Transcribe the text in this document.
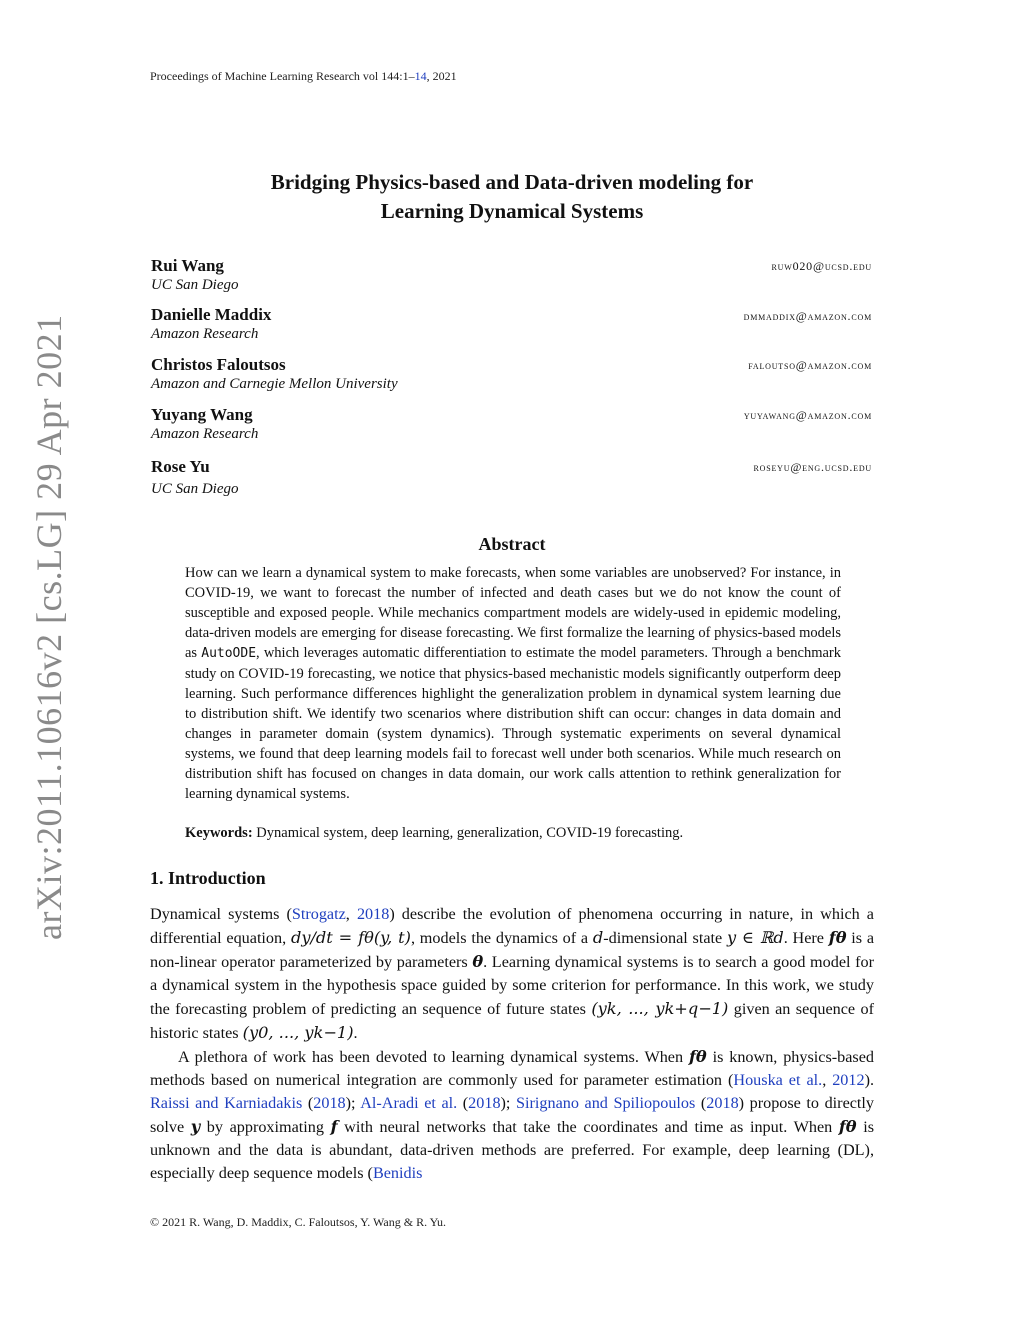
Proceedings of Machine Learning Research vol 144:1–14, 2021
arXiv:2011.10616v2 [cs.LG] 29 Apr 2021
Bridging Physics-based and Data-driven modeling for
Learning Dynamical Systems
Rui Wang	ruw020@ucsd.edu
UC San Diego
Danielle Maddix	dmmaddix@amazon.com
Amazon Research
Christos Faloutsos	faloutso@amazon.com
Amazon and Carnegie Mellon University
Yuyang Wang	yuyawang@amazon.com
Amazon Research
Rose Yu	roseyu@eng.ucsd.edu
UC San Diego
Abstract
How can we learn a dynamical system to make forecasts, when some variables are unobserved? For instance, in COVID-19, we want to forecast the number of infected and death cases but we do not know the count of susceptible and exposed people. While mechanics compartment models are widely-used in epidemic modeling, data-driven models are emerging for disease forecasting. We first formalize the learning of physics-based models as AutoODE, which leverages automatic differentiation to estimate the model parameters. Through a benchmark study on COVID-19 forecasting, we notice that physics-based mechanistic models significantly outperform deep learning. Such performance differences highlight the generalization problem in dynamical system learning due to distribution shift. We identify two scenarios where distribution shift can occur: changes in data domain and changes in parameter domain (system dynamics). Through systematic experiments on several dynamical systems, we found that deep learning models fail to forecast well under both scenarios. While much research on distribution shift has focused on changes in data domain, our work calls attention to rethink generalization for learning dynamical systems.
Keywords: Dynamical system, deep learning, generalization, COVID-19 forecasting.
1. Introduction

Dynamical systems (Strogatz, 2018) describe the evolution of phenomena occurring in nature, in which a differential equation, dy/dt = fθ(y, t), models the dynamics of a d-dimensional state y ∈ ℝd. Here fθ is a non-linear operator parameterized by parameters θ. Learning dynamical systems is to search a good model for a dynamical system in the hypothesis space guided by some criterion for performance. In this work, we study the forecasting problem of predicting an sequence of future states (yk, ..., yk+q−1) given an sequence of historic states (y0, ..., yk−1).

A plethora of work has been devoted to learning dynamical systems. When fθ is known, physics-based methods based on numerical integration are commonly used for parameter estimation (Houska et al., 2012). Raissi and Karniadakis (2018); Al-Aradi et al. (2018); Sirignano and Spiliopoulos (2018) propose to directly solve y by approximating f with neural networks that take the coordinates and time as input. When fθ is unknown and the data is abundant, data-driven methods are preferred. For example, deep learning (DL), especially deep sequence models (Benidis

© 2021 R. Wang, D. Maddix, C. Faloutsos, Y. Wang & R. Yu.
